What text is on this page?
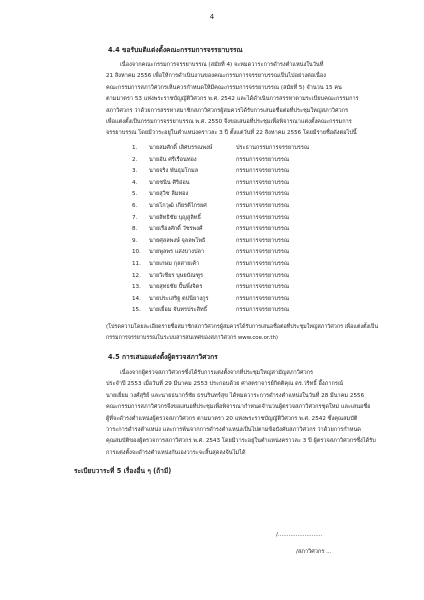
4
4.4 ขอรับมติแต่งตั้งคณะกรรมการจรรยาบรรณ
เนื่องจากคณะกรรมการจรรยาบรรณ (สมัยที่ 4) จะหมดวาระการดำรงตำแหน่งในวันที่
21 สิงหาคม 2556 เพื่อให้การดำเนินงานของคณะกรรมการจรรยาบรรณเป็นไปอย่างต่อเนื่อง
คณะกรรมการสภาวิศวกรเห็นควรกำหนดให้มีคณะกรรมการจรรยาบรรณ (สมัยที่ 5) จำนวน 15 คน
ตามมาตรา 53 แห่งพระราชบัญญัติวิศวกร พ.ศ. 2542 และได้ดำเนินการสรรหาตามระเบียบคณะกรรมการ
สภาวิศวกร ว่าด้วยการสรรหาสมาชิกสภาวิศวกรผู้สมควรได้รับการเสนอชื่อต่อที่ประชุมใหญ่สภาวิศวกร
เพื่อแต่งตั้งเป็นกรรมการจรรยาบรรณ พ.ศ. 2550 จึงขอเสนอที่ประชุมเพื่อพิจารณาแต่งตั้งคณะกรรมการ
จรรยาบรรณ โดยมีวาระอยู่ในตำแหน่งคราวละ 3 ปี ตั้งแต่วันที่ 22 สิงหาคม 2556 โดยมีรายชื่อดังต่อไปนี้
1. นายสมศักดิ์ เลิศบรรณพงษ์	ประธานกรรมการจรรยาบรรณ
2. นายอัน ศรีเรือนทอง	กรรมการจรรยาบรรณ
3. นายจริง พันธุมโกมล	กรรมการจรรยาบรรณ
4. นายชนิน ศิริอ่อน	กรรมการจรรยาบรรณ
5. นายสุวิช ลีมทอง	กรรมการจรรยาบรรณ
6. นายโกวุฒิ เกียรติไกรยศ	กรรมการจรรยาบรรณ
7. นายสิทธิชัย บุญสูลิทธิ์	กรรมการจรรยาบรรณ
8. นายเรืองศักดิ์ วัชรพงศ์	กรรมการจรรยาบรรณ
9. นายศุลลพงษ์ จุลลพโพธิ	กรรมการจรรยาบรรณ
10. นายพูลพร แสงบางปลา	กรรมการจรรยาบรรณ
11. นายเกษม กุลสายเค้า	กรรมการจรรยาบรรณ
12. นายวิเชียร บุษยบัณฑูร	กรรมการจรรยาบรรณ
13. นายสุทธชัย ปั้นพึ่งจิตร	กรรมการจรรยาบรรณ
14. นายประเสริฐ ตปนียางกูร	กรรมการจรรยาบรรณ
15. นายเยื่อม จันทรประสิทธิ์	กรรมการจรรยาบรรณ
(โปรดความโดยละเอียดรายชื่อสมาชิกสภาวิศวกรผู้สมควรได้รับการเสนอชื่อต่อที่ประชุมใหญ่สภาวิศวกร เพื่อแต่งตั้งเป็นกรรมการจรรยาบรรณในระบบสารสนเทศของสภาวิศวกร www.coe.or.th)
4.5 การเสนอแต่งตั้งผู้ตรวจสภาวิศวกร
เนื่องจากผู้ตรวจสภาวิศวกรซึ่งได้รับการแต่งตั้งจากที่ประชุมใหญ่สามัญสภาวิศวกร
ประจำปี 2553 เมื่อวันที่ 29 มีนาคม 2553 ประกอบด้วย ศาสตราจารย์กิตติคุณ ดร.วริทธิ์ อึ้งภากรณ์
นายเยี่ยม วงศ์สุริย์ และนายธนากร์ชัย ธรนรินทร์สุข ได้หมดวาระการดำรงตำแหน่งในวันที่ 28 มีนาคม 2556
คณะกรรมการสภาวิศวกรจึงขอเสนอที่ประชุมเพื่อพิจารณากำหนดจำนวนผู้ตรวจสภาวิศวกรชุดใหม่ และเสนอชื่อ
ผู้ที่จะดำรงตำแหน่งผู้ตรวจสภาวิศวกร ตามมาตรา 20 แห่งพระราชบัญญัติวิศวกร พ.ศ. 2542 ซึ่งคุณสมบัติ
วาระการดำรงตำแหน่ง และการพ้นจากการดำรงตำแหน่งเป็นไปตามข้อบังคับสภาวิศวกร ว่าด้วยการกำหนด
คุณสมบัติของผู้ตรวจการสภาวิศวกร พ.ศ. 2543 โดยมีวาระอยู่ในตำแหน่งคราวละ 3 ปี ผู้ตรวจสภาวิศวกรซึ่งได้รับ
การแต่งตั้งจะดำรงตำแหน่งกันเองวาระจะสิ้นสุดลงจ้นไม่ได้
ระเบียบวาระที่ 5 เรื่องอื่น ๆ (ถ้ามี)
/.........................
/สภาวิศวกร ...
